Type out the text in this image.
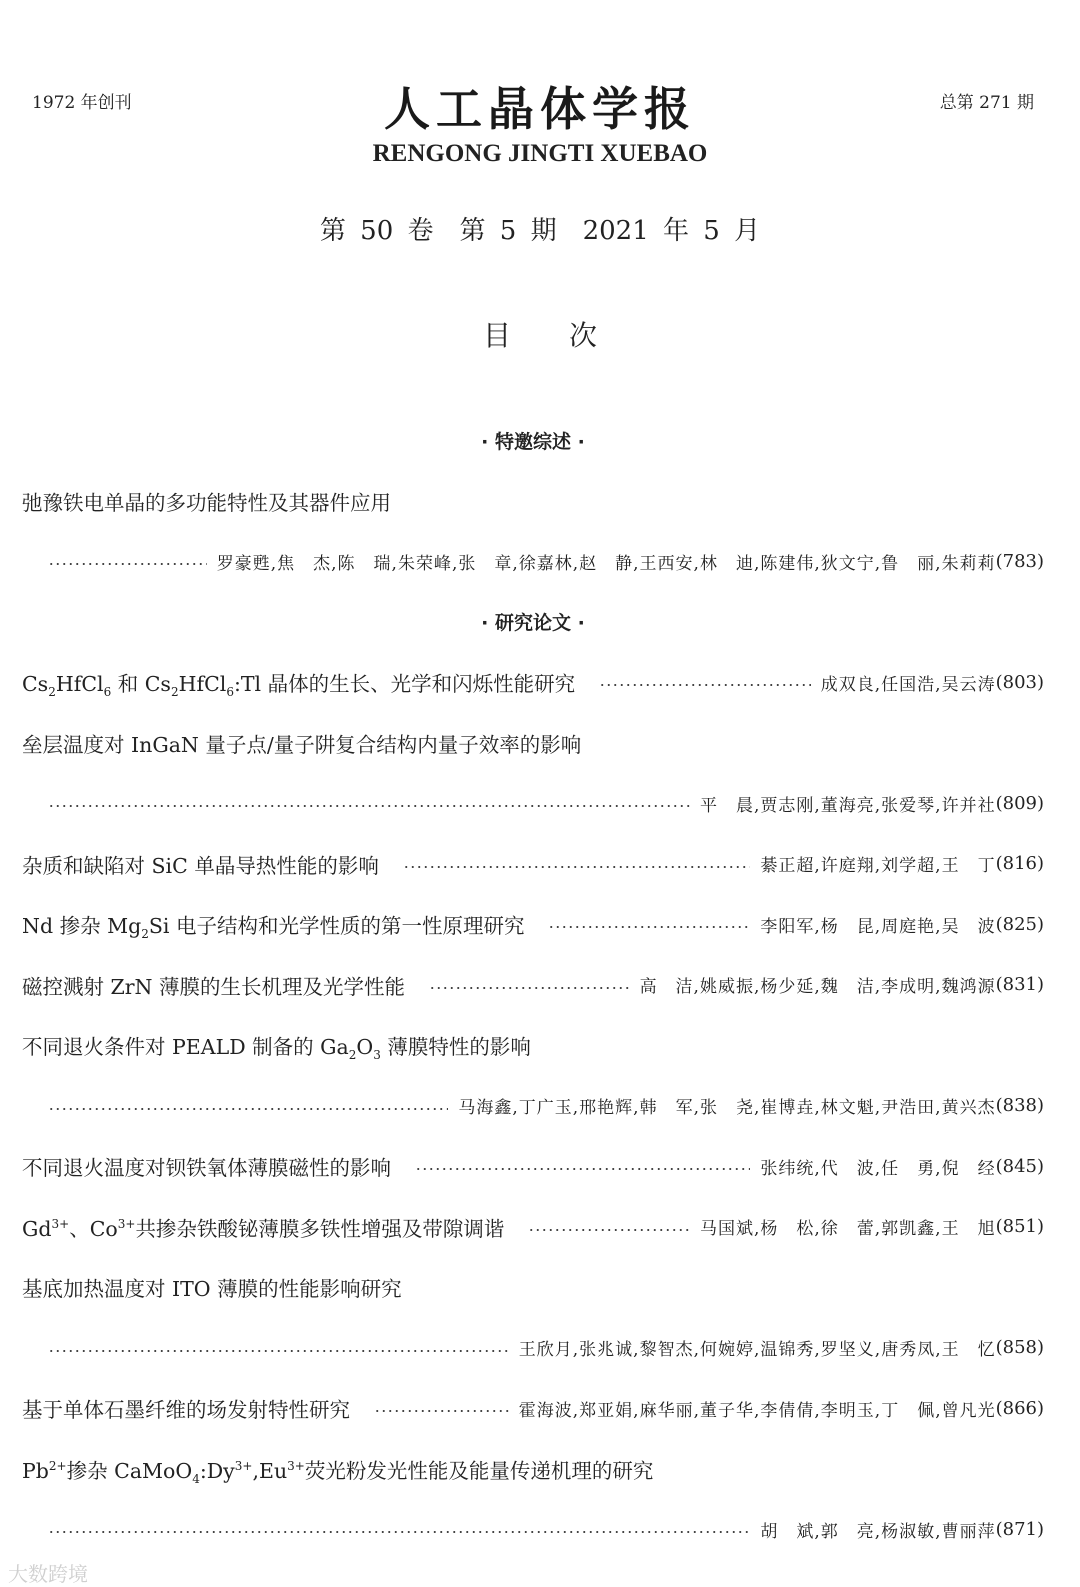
1972 年创刊	总第 271 期
人工晶体学报
RENGONG JINGTI XUEBAO
第 50 卷　第 5 期　2021 年 5 月
目次
· 特邀综述 ·
弛豫铁电单晶的多功能特性及其器件应用
罗豪甦,焦　杰,陈　瑞,朱荣峰,张　章,徐嘉林,赵　静,王西安,林　迪,陈建伟,狄文宁,鲁　丽,朱莉莉 (783)
· 研究论文 ·
$Cs_2HfCl_6$ 和 $Cs_2HfCl_6:Tl$ 晶体的生长、光学和闪烁性能研究	成双良,任国浩,吴云涛 (803)
垒层温度对 InGaN 量子点/量子阱复合结构内量子效率的影响
平　晨,贾志刚,董海亮,张爱琴,许并社 (809)
杂质和缺陷对 SiC 单晶导热性能的影响	綦正超,许庭翔,刘学超,王　丁 (816)
Nd 掺杂 $Mg_2Si$ 电子结构和光学性质的第一性原理研究	李阳军,杨　昆,周庭艳,吴　波 (825)
磁控溅射 ZrN 薄膜的生长机理及光学性能	高　洁,姚威振,杨少延,魏　洁,李成明,魏鸿源 (831)
不同退火条件对 PEALD 制备的 $Ga_2O_3$ 薄膜特性的影响
马海鑫,丁广玉,邢艳辉,韩　军,张　尧,崔博垚,林文魁,尹浩田,黄兴杰 (838)
不同退火温度对钡铁氧体薄膜磁性的影响	张纬统,代　波,任　勇,倪　经 (845)
$Gd^{3+}$、$Co^{3+}$共掺杂铁酸铋薄膜多铁性增强及带隙调谐	马国斌,杨　松,徐　蕾,郭凯鑫,王　旭 (851)
基底加热温度对 ITO 薄膜的性能影响研究
王欣月,张兆诚,黎智杰,何婉婷,温锦秀,罗坚义,唐秀凤,王　忆 (858)
基于单体石墨纤维的场发射特性研究	霍海波,郑亚娟,麻华丽,董子华,李倩倩,李明玉,丁　佩,曾凡光 (866)
$Pb^{2+}$掺杂 $CaMoO_4:Dy^{3+},Eu^{3+}$荧光粉发光性能及能量传递机理的研究
胡　斌,郭　亮,杨淑敏,曹丽萍 (871)
大数跨境
